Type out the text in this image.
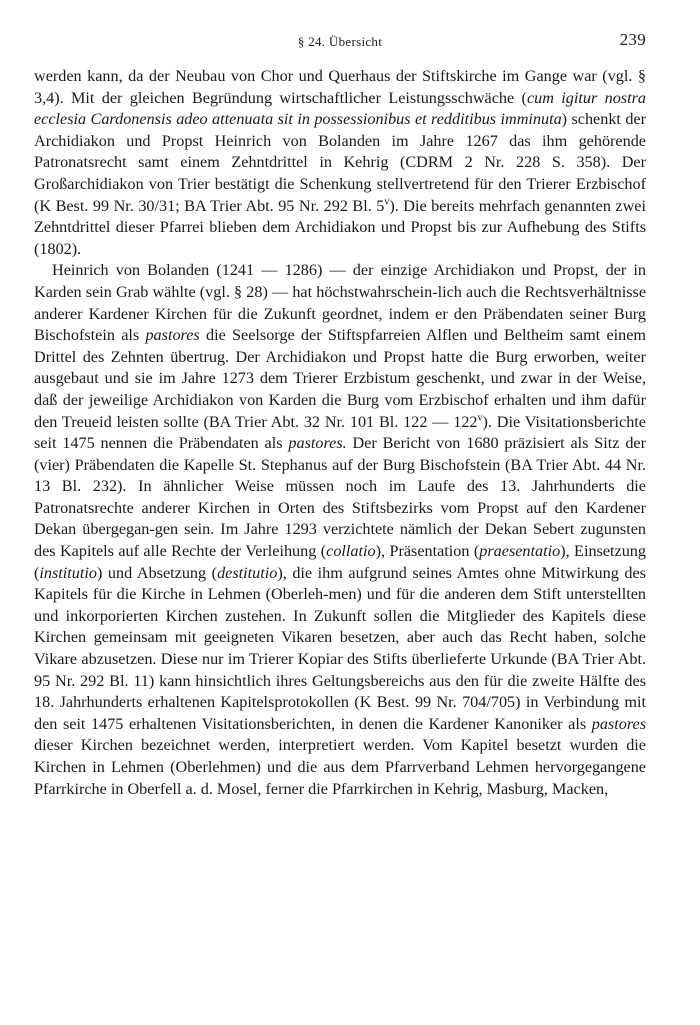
§ 24. Übersicht	239

werden kann, da der Neubau von Chor und Querhaus der Stiftskirche im Gange war (vgl. § 3,4). Mit der gleichen Begründung wirtschaftlicher Leistungsschwäche (cum igitur nostra ecclesia Cardonensis adeo attenuata sit in possessionibus et redditibus imminuta) schenkt der Archidiakon und Propst Heinrich von Bolanden im Jahre 1267 das ihm gehörende Patronatsrecht samt einem Zehntdrittel in Kehrig (CDRM 2 Nr. 228 S. 358). Der Großarchidiakon von Trier bestätigt die Schenkung stellvertretend für den Trierer Erzbischof (K Best. 99 Nr. 30/31; BA Trier Abt. 95 Nr. 292 Bl. 5$^v$). Die bereits mehrfach genannten zwei Zehntdrittel dieser Pfarrei blieben dem Archidiakon und Propst bis zur Aufhebung des Stifts (1802).

Heinrich von Bolanden (1241 — 1286) — der einzige Archidiakon und Propst, der in Karden sein Grab wählte (vgl. § 28) — hat höchstwahrschein-lich auch die Rechtsverhältnisse anderer Kardener Kirchen für die Zukunft geordnet, indem er den Präbendaten seiner Burg Bischofstein als pastores die Seelsorge der Stiftspfarreien Alflen und Beltheim samt einem Drittel des Zehnten übertrug. Der Archidiakon und Propst hatte die Burg erworben, weiter ausgebaut und sie im Jahre 1273 dem Trierer Erzbistum geschenkt, und zwar in der Weise, daß der jeweilige Archidiakon von Karden die Burg vom Erzbischof erhalten und ihm dafür den Treueid leisten sollte (BA Trier Abt. 32 Nr. 101 Bl. 122 — 122$^v$). Die Visitationsberichte seit 1475 nennen die Präbendaten als pastores. Der Bericht von 1680 präzisiert als Sitz der (vier) Präbendaten die Kapelle St. Stephanus auf der Burg Bischofstein (BA Trier Abt. 44 Nr. 13 Bl. 232). In ähnlicher Weise müssen noch im Laufe des 13. Jahrhunderts die Patronatsrechte anderer Kirchen in Orten des Stiftsbezirks vom Propst auf den Kardener Dekan übergegan-gen sein. Im Jahre 1293 verzichtete nämlich der Dekan Sebert zugunsten des Kapitels auf alle Rechte der Verleihung (collatio), Präsentation (praesentatio), Einsetzung (institutio) und Absetzung (destitutio), die ihm aufgrund seines Amtes ohne Mitwirkung des Kapitels für die Kirche in Lehmen (Oberleh-men) und für die anderen dem Stift unterstellten und inkorporierten Kirchen zustehen. In Zukunft sollen die Mitglieder des Kapitels diese Kirchen gemeinsam mit geeigneten Vikaren besetzen, aber auch das Recht haben, solche Vikare abzusetzen. Diese nur im Trierer Kopiar des Stifts überlieferte Urkunde (BA Trier Abt. 95 Nr. 292 Bl. 11) kann hinsichtlich ihres Geltungsbereichs aus den für die zweite Hälfte des 18. Jahrhunderts erhaltenen Kapitelsprotokollen (K Best. 99 Nr. 704/705) in Verbindung mit den seit 1475 erhaltenen Visitationsberichten, in denen die Kardener Kanoniker als pastores dieser Kirchen bezeichnet werden, interpretiert werden. Vom Kapitel besetzt wurden die Kirchen in Lehmen (Oberlehmen) und die aus dem Pfarrverband Lehmen hervorgegangene Pfarrkirche in Oberfell a. d. Mosel, ferner die Pfarrkirchen in Kehrig, Masburg, Macken,
